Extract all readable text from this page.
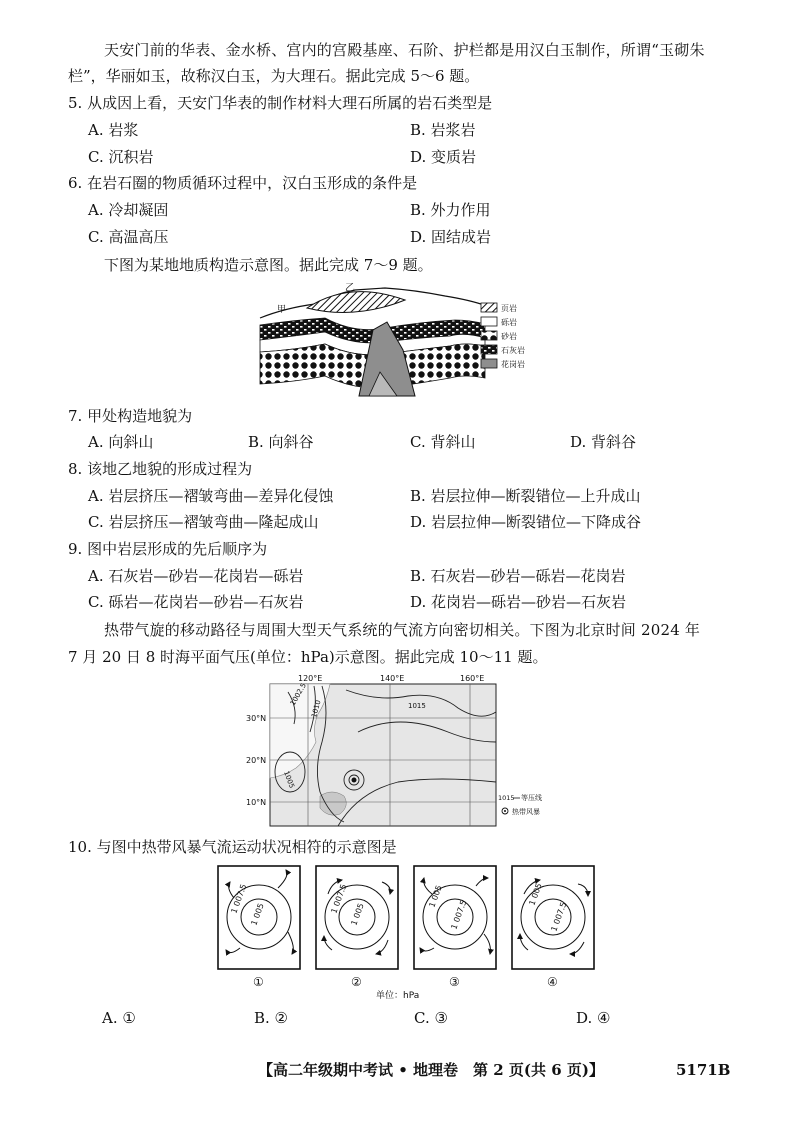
天安门前的华表、金水桥、宫内的宫殿基座、石阶、护栏都是用汉白玉制作，所谓“玉砌朱
栏”，华丽如玉，故称汉白玉，为大理石。据此完成 5～6 题。
5. 从成因上看，天安门华表的制作材料大理石所属的岩石类型是
A. 岩浆	B. 岩浆岩
C. 沉积岩	D. 变质岩
6. 在岩石圈的物质循环过程中，汉白玉形成的条件是
A. 冷却凝固	B. 外力作用
C. 高温高压	D. 固结成岩
下图为某地地质构造示意图。据此完成 7～9 题。
乙
甲	页岩
砾岩
砂岩
石灰岩
花岗岩
7. 甲处构造地貌为
A. 向斜山	B. 向斜谷	C. 背斜山	D. 背斜谷
8. 该地乙地貌的形成过程为
A. 岩层挤压—褶皱弯曲—差异化侵蚀	B. 岩层拉伸—断裂错位—上升成山
C. 岩层挤压—褶皱弯曲—隆起成山	D. 岩层拉伸—断裂错位—下降成谷
9. 图中岩层形成的先后顺序为
A. 石灰岩—砂岩—花岗岩—砾岩	B. 石灰岩—砂岩—砾岩—花岗岩
C. 砾岩—花岗岩—砂岩—石灰岩	D. 花岗岩—砾岩—砂岩—石灰岩
热带气旋的移动路径与周围大型天气系统的气流方向密切相关。下图为北京时间 2024 年
7 月 20 日 8 时海平面气压(单位：hPa)示意图。据此完成 10～11 题。
1002.5
1010	1015
1005
120°E	140°E	160°E
30°N
20°N
10°N	1015 等压线
热带风暴
10. 与图中热带风暴气流运动状况相符的示意图是
1 007.5 1 005
①
1 007.5 1 005
②
1 005
1 007.5
③
1 005
1 007.5
④
单位：hPa
A. ①	B. ②	C. ③	D. ④
【高二年级期中考试 • 地理卷　第 2 页(共 6 页)】	5171B
